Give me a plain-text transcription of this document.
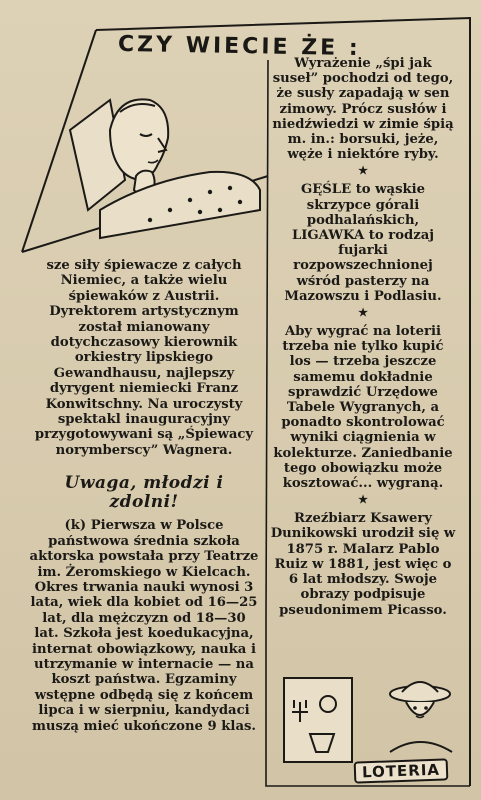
CZY WIECIE ŻE :

Wyrażenie „śpi jak suseł” pochodzi od tego, że susły zapadają w sen zimowy. Prócz susłów i niedźwiedzi w zimie śpią m. in.: borsuki, jeże, węże i niektóre ryby.

★

GĘŚLE to wąskie skrzypce górali podhalańskich, LIGAWKA to rodzaj fujarki rozpowszechnionej wśród pasterzy na Mazowszu i Podlasiu.

★

Aby wygrać na loterii trzeba nie tylko kupić los — trzeba jeszcze samemu dokładnie sprawdzić Urzędowe Tabele Wygranych, a ponadto skontrolować wyniki ciągnienia w kolekturze. Zaniedbanie tego obowiązku może kosztować... wygraną.

★

Rzeźbiarz Ksawery Dunikowski urodził się w 1875 r. Malarz Pablo Ruiz w 1881, jest więc o 6 lat młodszy. Swoje obrazy podpisuje pseudonimem Picasso.

sze siły śpiewacze z całych Niemiec, a także wielu śpiewaków z Austrii. Dyrektorem artystycznym został mianowany dotychczasowy kierownik orkiestry lipskiego Gewandhausu, najlepszy dyrygent niemiecki Franz Konwitschny. Na uroczysty spektakl inauguracyjny przygotowywani są „Śpiewacy norymberscy” Wagnera.

Uwaga, młodzi i zdolni!

(k) Pierwsza w Polsce państwowa średnia szkoła aktorska powstała przy Teatrze im. Żeromskiego w Kielcach. Okres trwania nauki wynosi 3 lata, wiek dla kobiet od 16—25 lat, dla mężczyzn od 18—30 lat. Szkoła jest koedukacyjna, internat obowiązkowy, nauka i utrzymanie w internacie — na koszt państwa. Egzaminy wstępne odbędą się z końcem lipca i w sierpniu, kandydaci muszą mieć ukończone 9 klas.

LOTERIA
